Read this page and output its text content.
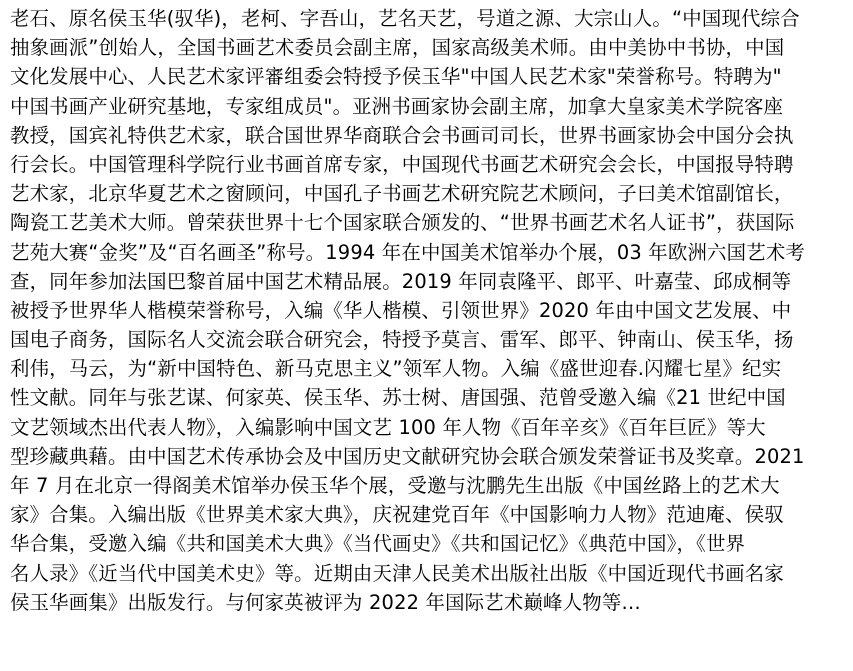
老石、原名侯玉华(驭华)，老柯、字吾山，艺名天艺，号道之源、大宗山人。“中国现代综合
抽象画派”创始人，全国书画艺术委员会副主席，国家高级美术师。由中美协中书协，中国
文化发展中心、人民艺术家评審组委会特授予侯玉华"中国人民艺术家"荣誉称号。特聘为"
中国书画产业研究基地，专家组成员"。亚洲书画家协会副主席，加拿大皇家美术学院客座
教授，国宾礼特供艺术家，联合国世界华商联合会书画司司长，世界书画家协会中国分会执
行会长。中国管理科学院行业书画首席专家，中国现代书画艺术研究会会长，中国报导特聘
艺术家，北京华夏艺术之窗顾问，中国孔子书画艺术研究院艺术顾问，子曰美术馆副馆长，
陶瓷工艺美术大师。曾荣获世界十七个国家联合颁发的、“世界书画艺术名人证书”，获国际
艺苑大赛“金奖”及“百名画圣”称号。1994 年在中国美术馆举办个展，03 年欧洲六国艺术考
查，同年参加法国巴黎首届中国艺术精品展。2019 年同袁隆平、郎平、叶嘉莹、邱成桐等
被授予世界华人楷模荣誉称号，入编《华人楷模、引领世界》2020 年由中国文艺发展、中
国电子商务，国际名人交流会联合研究会，特授予莫言、雷军、郎平、钟南山、侯玉华，扬
利伟，马云，为“新中国特色、新马克思主义”领军人物。入编《盛世迎春.闪耀七星》纪实
性文献。同年与张艺谋、何家英、侯玉华、苏士树、唐国强、范曾受邀入编《21 世纪中国
文艺领域杰出代表人物》，入编影响中国文艺 100 年人物《百年辛亥》《百年巨匠》等大
型珍藏典藉。由中国艺术传承协会及中国历史文献研究协会联合颁发荣誉证书及奖章。2021
年 7 月在北京一得阁美术馆举办侯玉华个展，受邀与沈鹏先生出版《中国丝路上的艺术大
家》合集。入编出版《世界美术家大典》，庆祝建党百年《中国影响力人物》范迪庵、侯驭
华合集，受邀入编《共和国美术大典》《当代画史》《共和国记忆》《典范中国》，《世界
名人录》《近当代中国美术史》等。近期由天津人民美术出版社出版《中国近现代书画名家
侯玉华画集》出版发行。与何家英被评为 2022 年国际艺术巅峰人物等…
